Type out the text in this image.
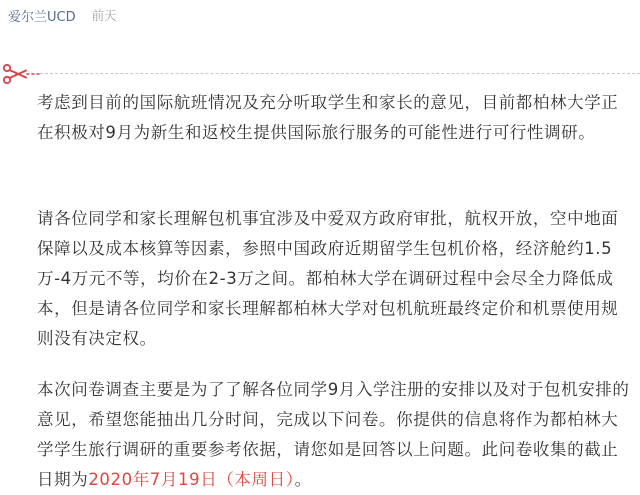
爱尔兰UCD 前天

考虑到目前的国际航班情况及充分听取学生和家长的意见，目前都柏林大学正在积极对9月为新生和返校生提供国际旅行服务的可能性进行可行性调研。

请各位同学和家长理解包机事宜涉及中爱双方政府审批，航权开放，空中地面保障以及成本核算等因素，参照中国政府近期留学生包机价格，经济舱约1.5万-4万元不等，均价在2-3万之间。都柏林大学在调研过程中会尽全力降低成本，但是请各位同学和家长理解都柏林大学对包机航班最终定价和机票使用规则没有决定权。

本次问卷调查主要是为了了解各位同学9月入学注册的安排以及对于包机安排的意见，希望您能抽出几分时间，完成以下问卷。你提供的信息将作为都柏林大学学生旅行调研的重要参考依据，请您如是回答以上问题。此问卷收集的截止日期为2020年7月19日（本周日）。
